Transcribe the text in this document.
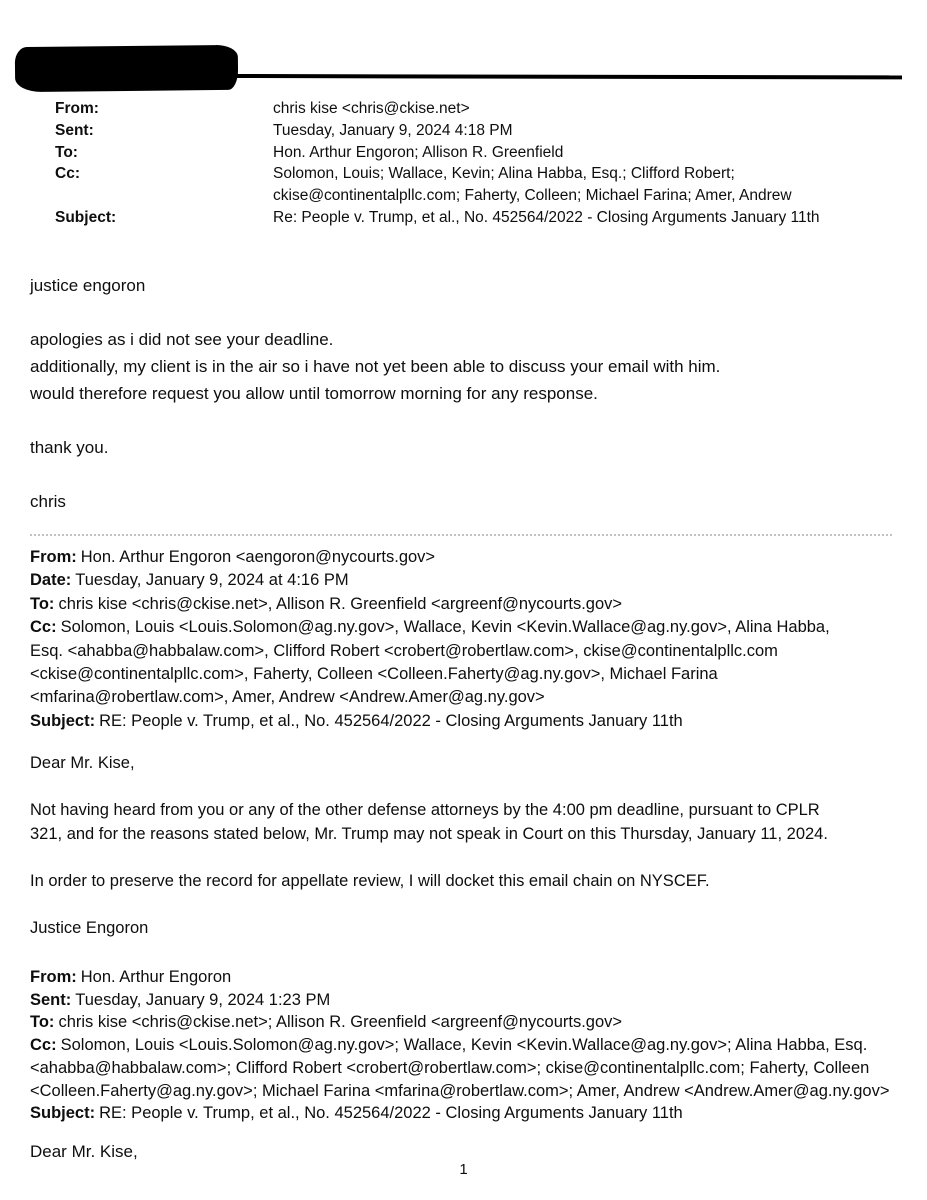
From:	chris kise <chris@ckise.net>
Sent:	Tuesday, January 9, 2024 4:18 PM
To:	Hon. Arthur Engoron; Allison R. Greenfield
Cc:	Solomon, Louis; Wallace, Kevin; Alina Habba, Esq.; Clifford Robert;
ckise@continentalpllc.com; Faherty, Colleen; Michael Farina; Amer, Andrew
Subject:	Re: People v. Trump, et al., No. 452564/2022 - Closing Arguments January 11th
justice engoron
apologies as i did not see your deadline.
additionally, my client is in the air so i have not yet been able to discuss your email with him.
would therefore request you allow until tomorrow morning for any response.
thank you.
chris
From: Hon. Arthur Engoron <aengoron@nycourts.gov>
Date: Tuesday, January 9, 2024 at 4:16 PM
To: chris kise <chris@ckise.net>, Allison R. Greenfield <argreenf@nycourts.gov>
Cc: Solomon, Louis <Louis.Solomon@ag.ny.gov>, Wallace, Kevin <Kevin.Wallace@ag.ny.gov>, Alina Habba,
Esq. <ahabba@habbalaw.com>, Clifford Robert <crobert@robertlaw.com>, ckise@continentalpllc.com
<ckise@continentalpllc.com>, Faherty, Colleen <Colleen.Faherty@ag.ny.gov>, Michael Farina
<mfarina@robertlaw.com>, Amer, Andrew <Andrew.Amer@ag.ny.gov>
Subject: RE: People v. Trump, et al., No. 452564/2022 - Closing Arguments January 11th
Dear Mr. Kise,
Not having heard from you or any of the other defense attorneys by the 4:00 pm deadline, pursuant to CPLR
321, and for the reasons stated below, Mr. Trump may not speak in Court on this Thursday, January 11, 2024.
In order to preserve the record for appellate review, I will docket this email chain on NYSCEF.
Justice Engoron
From: Hon. Arthur Engoron
Sent: Tuesday, January 9, 2024 1:23 PM
To: chris kise <chris@ckise.net>; Allison R. Greenfield <argreenf@nycourts.gov>
Cc: Solomon, Louis <Louis.Solomon@ag.ny.gov>; Wallace, Kevin <Kevin.Wallace@ag.ny.gov>; Alina Habba, Esq.
<ahabba@habbalaw.com>; Clifford Robert <crobert@robertlaw.com>; ckise@continentalpllc.com; Faherty, Colleen
<Colleen.Faherty@ag.ny.gov>; Michael Farina <mfarina@robertlaw.com>; Amer, Andrew <Andrew.Amer@ag.ny.gov>
Subject: RE: People v. Trump, et al., No. 452564/2022 - Closing Arguments January 11th
Dear Mr. Kise,
1
